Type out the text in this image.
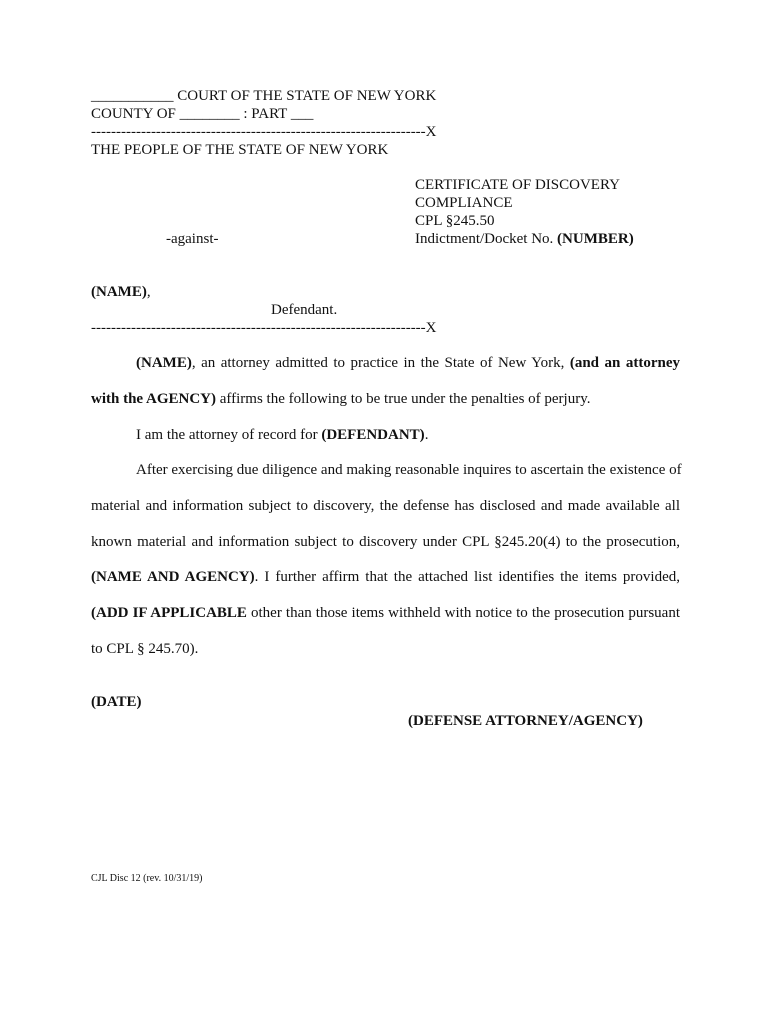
___________ COURT OF THE STATE OF NEW YORK
COUNTY OF ________ : PART ___
-------------------------------------------------------------------X
THE PEOPLE OF THE STATE OF NEW YORK
CERTIFICATE OF DISCOVERY
COMPLIANCE
CPL §245.50
Indictment/Docket No. (NUMBER)
-against-
(NAME),
Defendant.
-------------------------------------------------------------------X
(NAME), an attorney admitted to practice in the State of New York, (and an attorney
with the AGENCY) affirms the following to be true under the penalties of perjury.
I am the attorney of record for (DEFENDANT).
After exercising due diligence and making reasonable inquires to ascertain the existence of
material and information subject to discovery, the defense has disclosed and made available all
known material and information subject to discovery under CPL §245.20(4) to the prosecution,
(NAME AND AGENCY). I further affirm that the attached list identifies the items provided,
(ADD IF APPLICABLE other than those items withheld with notice to the prosecution pursuant
to CPL § 245.70).
(DATE)
(DEFENSE ATTORNEY/AGENCY)
CJL Disc 12 (rev. 10/31/19)
